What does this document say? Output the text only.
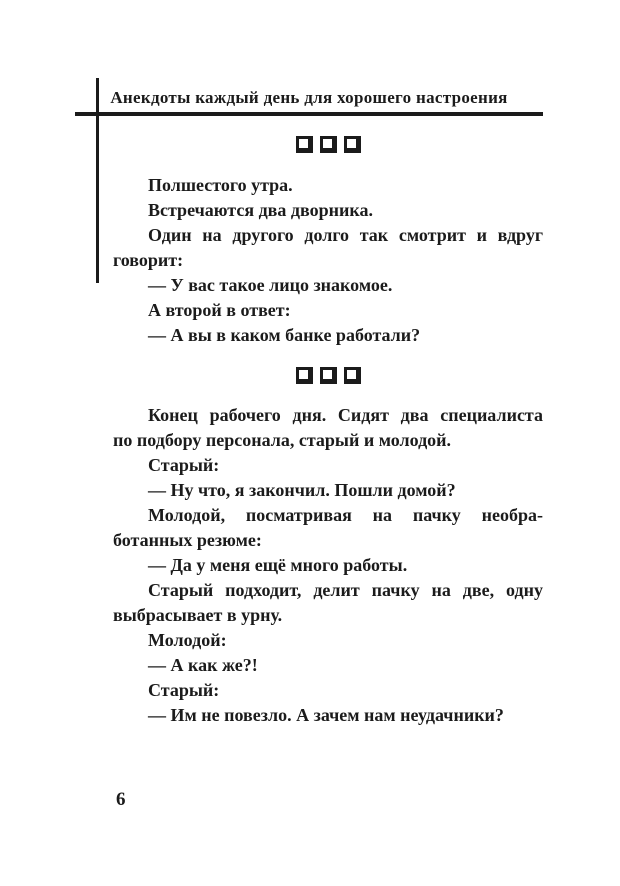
Анекдоты каждый день для хорошего настроения
Полшестого утра.
Встречаются два дворника.
Один на другого долго так смотрит и вдруг
говорит:
— У вас такое лицо знакомое.
А второй в ответ:
— А вы в каком банке работали?
Конец рабочего дня. Сидят два специалиста
по подбору персонала, старый и молодой.
Старый:
— Ну что, я закончил. Пошли домой?
Молодой, посматривая на пачку необра-
ботанных резюме:
— Да у меня ещё много работы.
Старый подходит, делит пачку на две, одну
выбрасывает в урну.
Молодой:
— А как же?!
Старый:
— Им не повезло. А зачем нам неудачники?
6
